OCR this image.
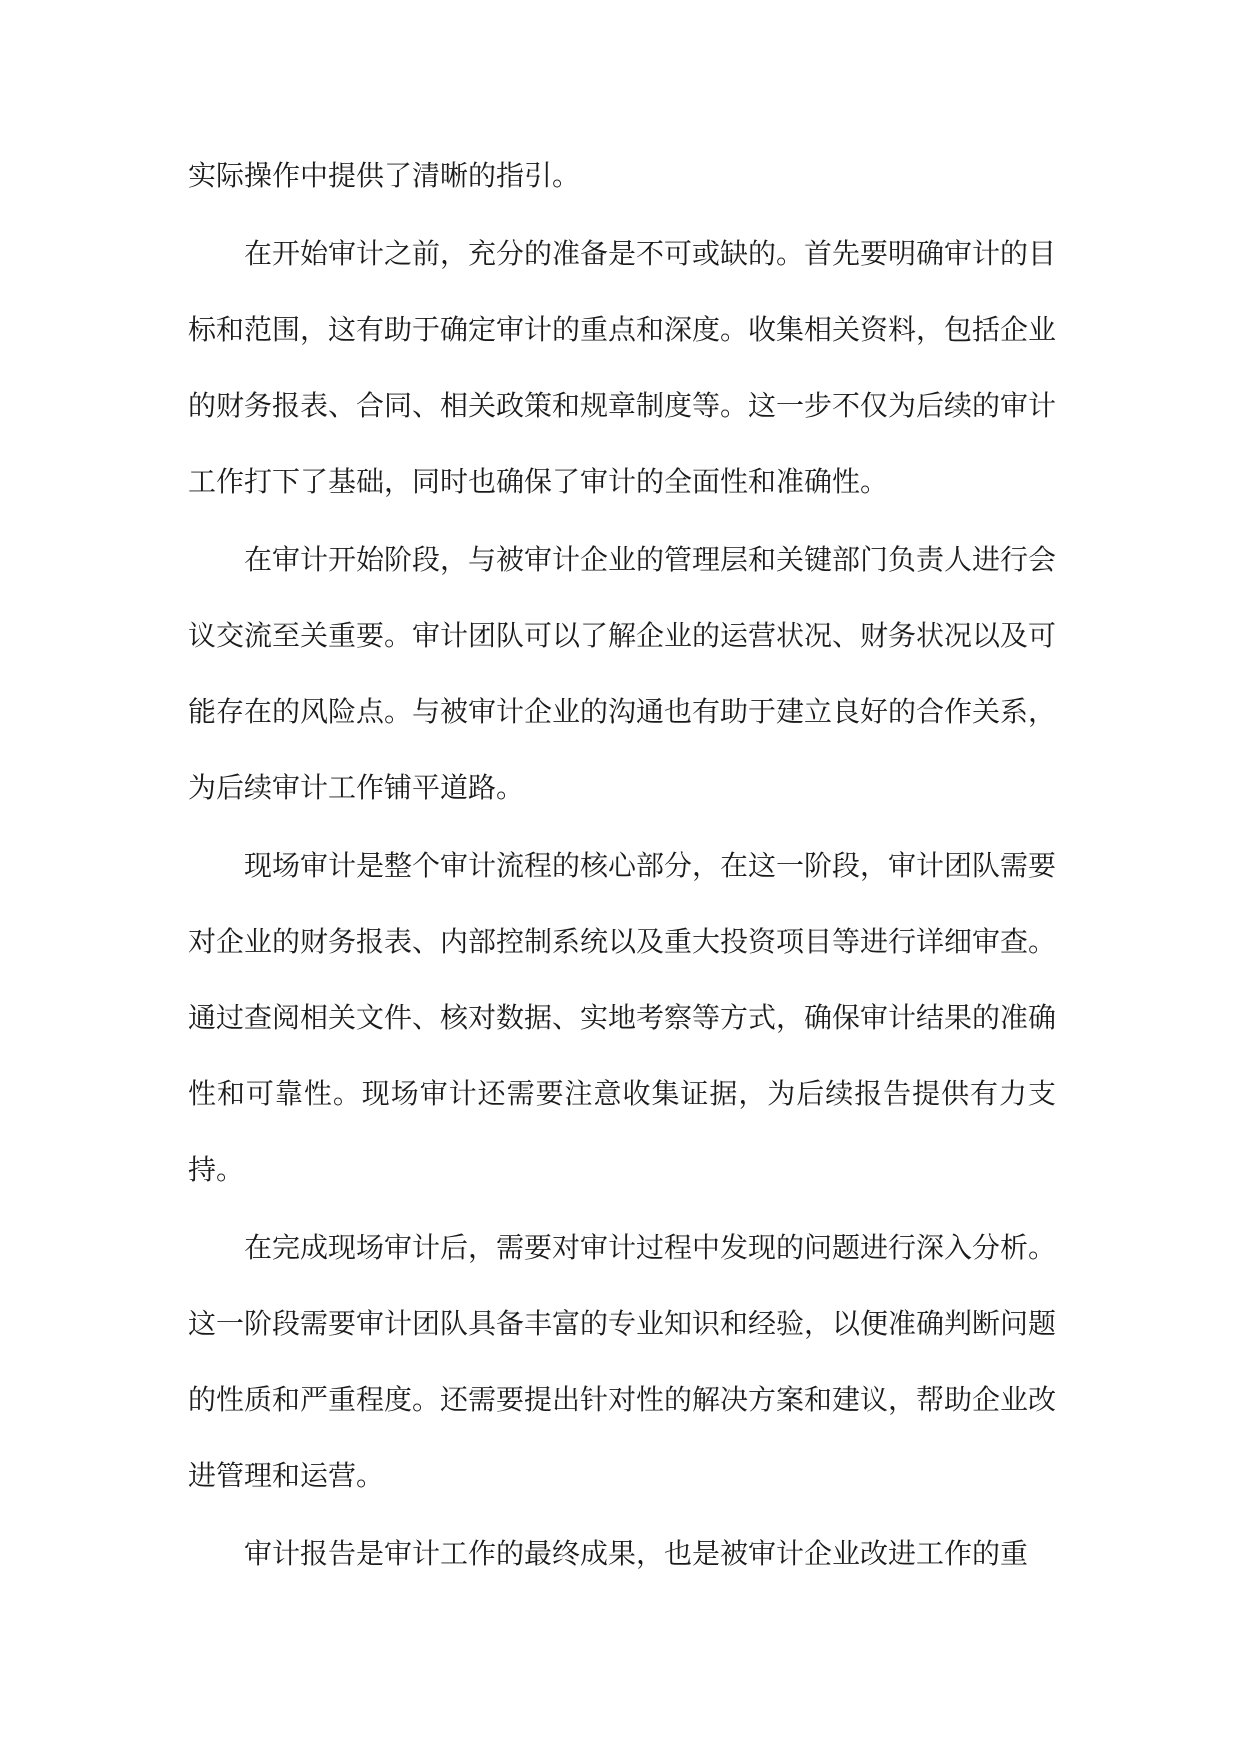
实际操作中提供了清晰的指引。

在开始审计之前，充分的准备是不可或缺的。首先要明确审计的目标和范围，这有助于确定审计的重点和深度。收集相关资料，包括企业的财务报表、合同、相关政策和规章制度等。这一步不仅为后续的审计工作打下了基础，同时也确保了审计的全面性和准确性。

在审计开始阶段，与被审计企业的管理层和关键部门负责人进行会议交流至关重要。审计团队可以了解企业的运营状况、财务状况以及可能存在的风险点。与被审计企业的沟通也有助于建立良好的合作关系，为后续审计工作铺平道路。

现场审计是整个审计流程的核心部分，在这一阶段，审计团队需要对企业的财务报表、内部控制系统以及重大投资项目等进行详细审查。通过查阅相关文件、核对数据、实地考察等方式，确保审计结果的准确性和可靠性。现场审计还需要注意收集证据，为后续报告提供有力支持。

在完成现场审计后，需要对审计过程中发现的问题进行深入分析。这一阶段需要审计团队具备丰富的专业知识和经验，以便准确判断问题的性质和严重程度。还需要提出针对性的解决方案和建议，帮助企业改进管理和运营。

审计报告是审计工作的最终成果，也是被审计企业改进工作的重
